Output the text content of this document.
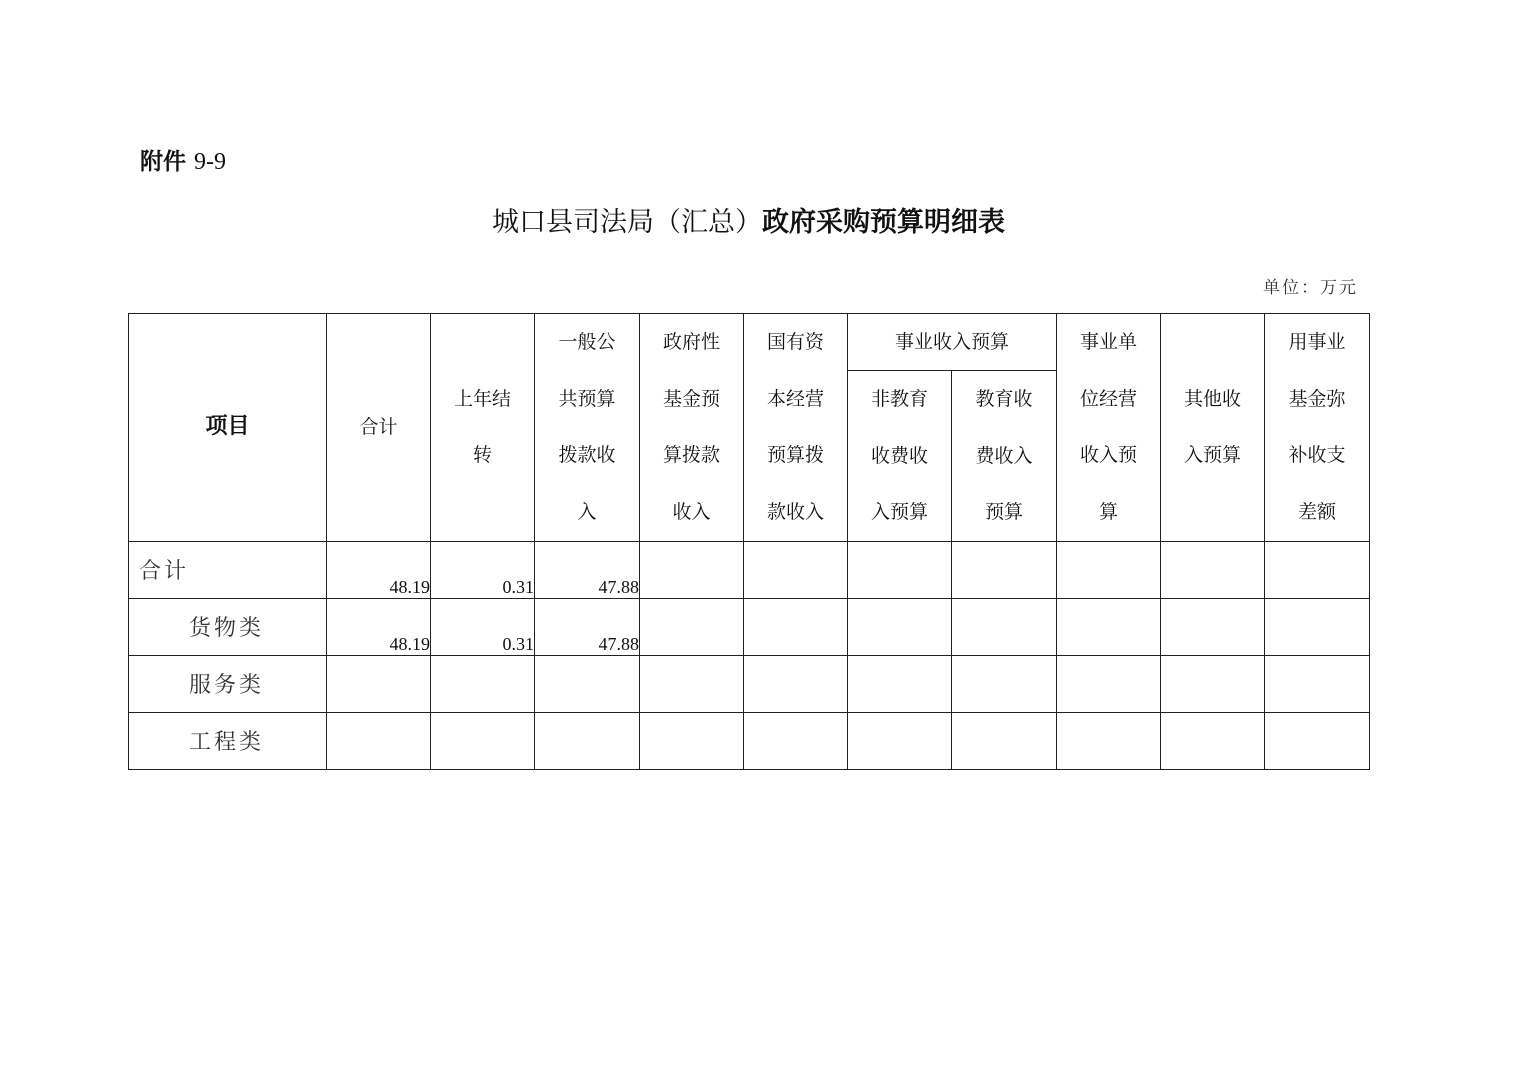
附件 9-9
城口县司法局（汇总）政府采购预算明细表
单位：万元
项目	合计	上年结转	一般公共预算拨款收入	政府性基金预算拨款收入	国有资本经营预算拨款收入	事业收入预算		事业单位经营收入预算	其他收入预算	用事业基金弥补收支差额

						非教育收费收入预算	教育收费收入预算			

合计	48.19	0.31	47.88							

货物类	48.19	0.31	47.88							

服务类										

工程类										
